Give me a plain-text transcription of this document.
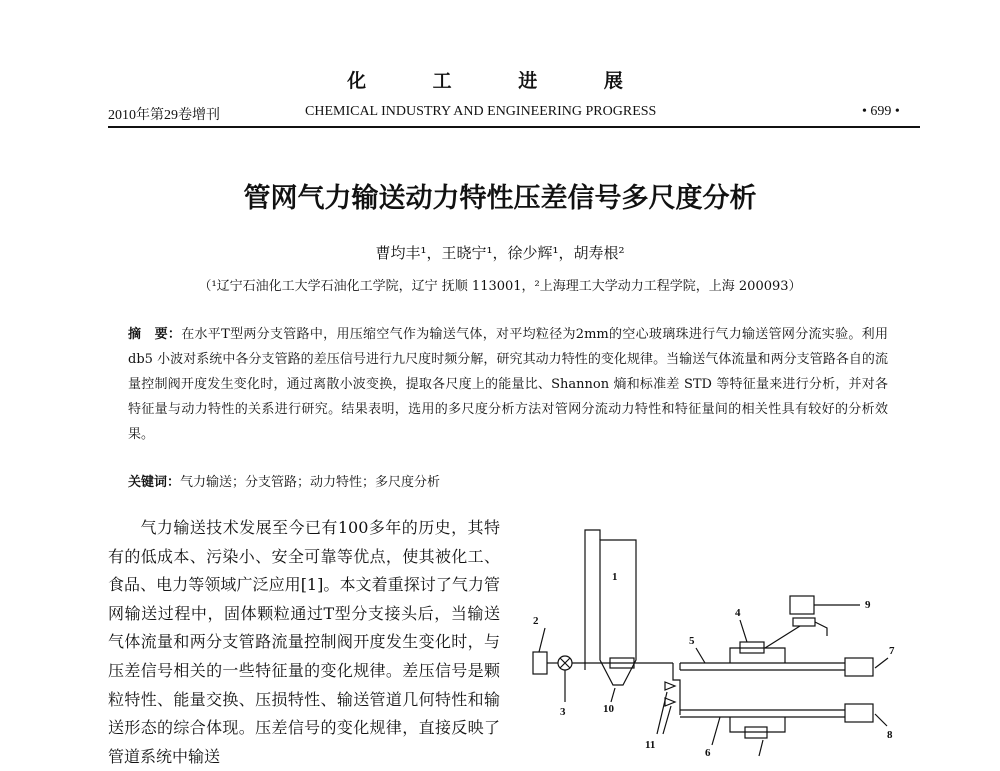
化 工 进 展
2010年第29卷增刊	CHEMICAL INDUSTRY AND ENGINEERING PROGRESS	• 699 •
管网气力输送动力特性压差信号多尺度分析
曹均丰¹，王晓宁¹，徐少辉¹，胡寿根²
（¹辽宁石油化工大学石油化工学院，辽宁 抚顺 113001，²上海理工大学动力工程学院，上海 200093）
摘　要：在水平T型两分支管路中，用压缩空气作为输送气体，对平均粒径为2mm的空心玻璃珠进行气力输送管网分流实验。利用 db5 小波对系统中各分支管路的差压信号进行九尺度时频分解，研究其动力特性的变化规律。当输送气体流量和两分支管路各自的流量控制阀开度发生变化时，通过离散小波变换，提取各尺度上的能量比、Shannon 熵和标准差 STD 等特征量来进行分析，并对各特征量与动力特性的关系进行研究。结果表明，选用的多尺度分析方法对管网分流动力特性和特征量间的相关性具有较好的分析效果。
关键词：气力输送；分支管路；动力特性；多尺度分析
气力输送技术发展至今已有100多年的历史，其特有的低成本、污染小、安全可靠等优点，使其被化工、食品、电力等领域广泛应用[1]。本文着重探讨了气力管网输送过程中，固体颗粒通过T型分支接头后，当输送气体流量和两分支管路流量控制阀开度发生变化时，与压差信号相关的一些特征量的变化规律。差压信号是颗粒特性、能量交换、压损特性、输送管道几何特性和输送形态的综合体现。压差信号的变化规律，直接反映了管道系统中输送
1
2
3
4
5
6
7
8
9
10
11
